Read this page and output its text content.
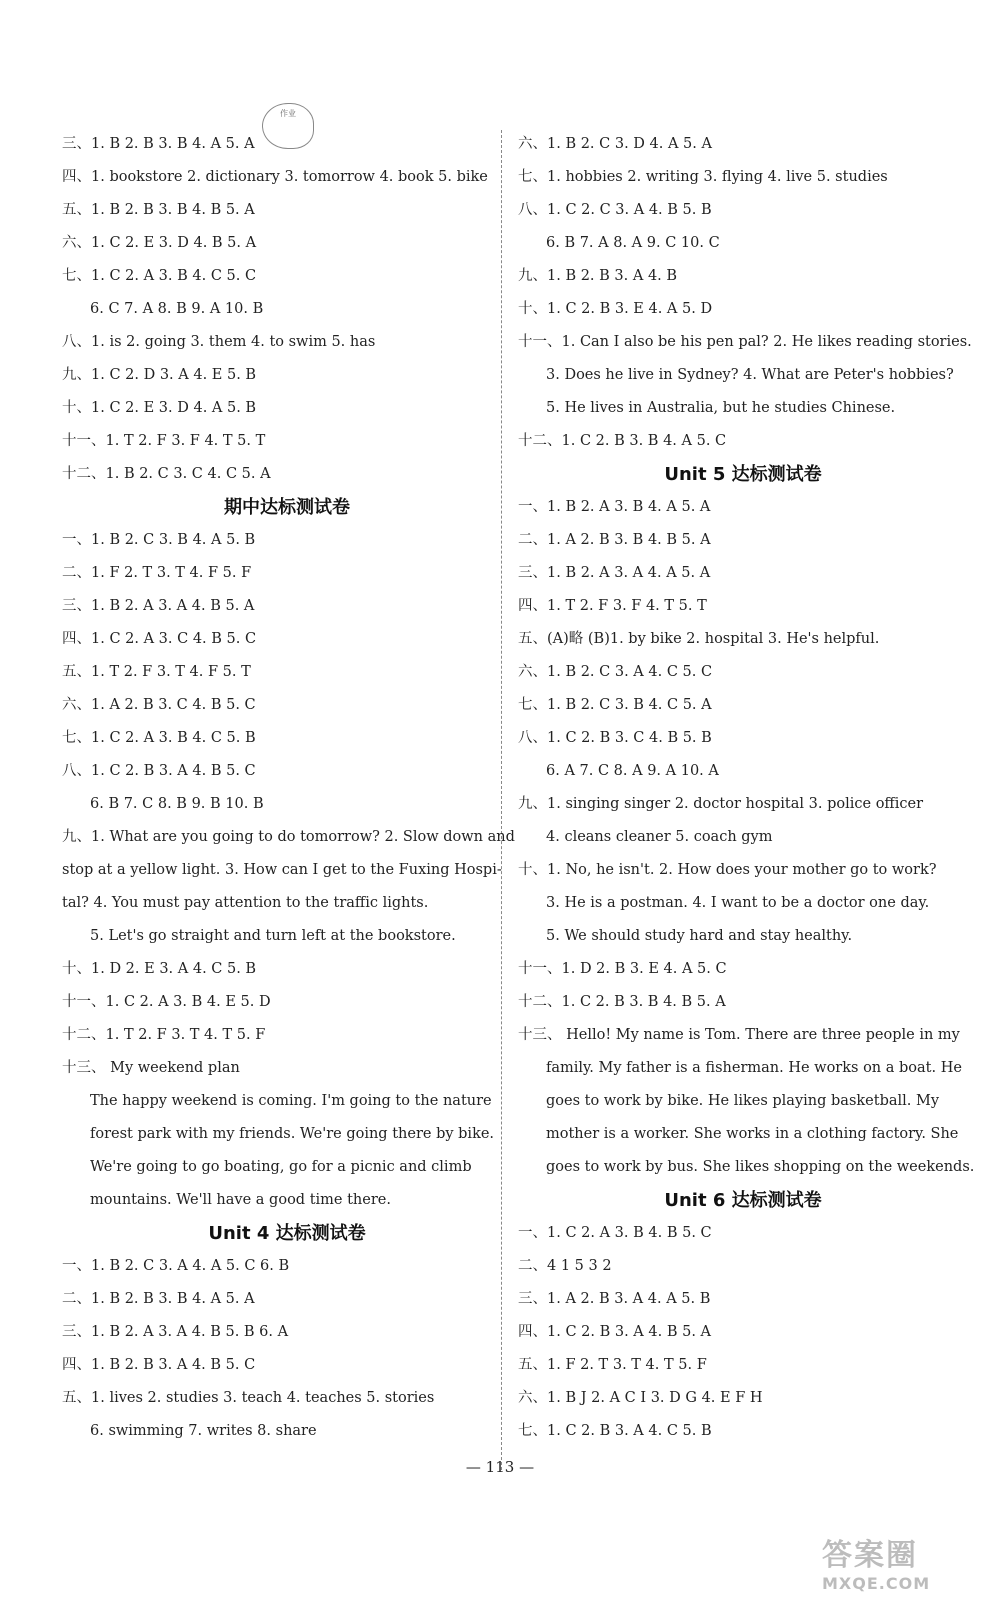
作业
三、1. B 2. B 3. B 4. A 5. A
四、1. bookstore 2. dictionary 3. tomorrow 4. book 5. bike
五、1. B 2. B 3. B 4. B 5. A
六、1. C 2. E 3. D 4. B 5. A
七、1. C 2. A 3. B 4. C 5. C
6. C 7. A 8. B 9. A 10. B
八、1. is 2. going 3. them 4. to swim 5. has
九、1. C 2. D 3. A 4. E 5. B
十、1. C 2. E 3. D 4. A 5. B
十一、1. T 2. F 3. F 4. T 5. T
十二、1. B 2. C 3. C 4. C 5. A
期中达标测试卷
一、1. B 2. C 3. B 4. A 5. B
二、1. F 2. T 3. T 4. F 5. F
三、1. B 2. A 3. A 4. B 5. A
四、1. C 2. A 3. C 4. B 5. C
五、1. T 2. F 3. T 4. F 5. T
六、1. A 2. B 3. C 4. B 5. C
七、1. C 2. A 3. B 4. C 5. B
八、1. C 2. B 3. A 4. B 5. C
6. B 7. C 8. B 9. B 10. B
九、1. What are you going to do tomorrow? 2. Slow down and
stop at a yellow light. 3. How can I get to the Fuxing Hospi-
tal? 4. You must pay attention to the traffic lights.
5. Let's go straight and turn left at the bookstore.
十、1. D 2. E 3. A 4. C 5. B
十一、1. C 2. A 3. B 4. E 5. D
十二、1. T 2. F 3. T 4. T 5. F
十三、 My weekend plan
The happy weekend is coming. I'm going to the nature
forest park with my friends. We're going there by bike.
We're going to go boating, go for a picnic and climb
mountains. We'll have a good time there.
Unit 4 达标测试卷
一、1. B 2. C 3. A 4. A 5. C 6. B
二、1. B 2. B 3. B 4. A 5. A
三、1. B 2. A 3. A 4. B 5. B 6. A
四、1. B 2. B 3. A 4. B 5. C
五、1. lives 2. studies 3. teach 4. teaches 5. stories
6. swimming 7. writes 8. share
六、1. B 2. C 3. D 4. A 5. A
七、1. hobbies 2. writing 3. flying 4. live 5. studies
八、1. C 2. C 3. A 4. B 5. B
6. B 7. A 8. A 9. C 10. C
九、1. B 2. B 3. A 4. B
十、1. C 2. B 3. E 4. A 5. D
十一、1. Can I also be his pen pal? 2. He likes reading stories.
3. Does he live in Sydney? 4. What are Peter's hobbies?
5. He lives in Australia, but he studies Chinese.
十二、1. C 2. B 3. B 4. A 5. C
Unit 5 达标测试卷
一、1. B 2. A 3. B 4. A 5. A
二、1. A 2. B 3. B 4. B 5. A
三、1. B 2. A 3. A 4. A 5. A
四、1. T 2. F 3. F 4. T 5. T
五、(A)略 (B)1. by bike 2. hospital 3. He's helpful.
六、1. B 2. C 3. A 4. C 5. C
七、1. B 2. C 3. B 4. C 5. A
八、1. C 2. B 3. C 4. B 5. B
6. A 7. C 8. A 9. A 10. A
九、1. singing singer 2. doctor hospital 3. police officer
4. cleans cleaner 5. coach gym
十、1. No, he isn't. 2. How does your mother go to work?
3. He is a postman. 4. I want to be a doctor one day.
5. We should study hard and stay healthy.
十一、1. D 2. B 3. E 4. A 5. C
十二、1. C 2. B 3. B 4. B 5. A
十三、 Hello! My name is Tom. There are three people in my
family. My father is a fisherman. He works on a boat. He
goes to work by bike. He likes playing basketball. My
mother is a worker. She works in a clothing factory. She
goes to work by bus. She likes shopping on the weekends.
Unit 6 达标测试卷
一、1. C 2. A 3. B 4. B 5. C
二、4 1 5 3 2
三、1. A 2. B 3. A 4. A 5. B
四、1. C 2. B 3. A 4. B 5. A
五、1. F 2. T 3. T 4. T 5. F
六、1. B J 2. A C I 3. D G 4. E F H
七、1. C 2. B 3. A 4. C 5. B
— 113 —
答案圈
MXQE.COM
